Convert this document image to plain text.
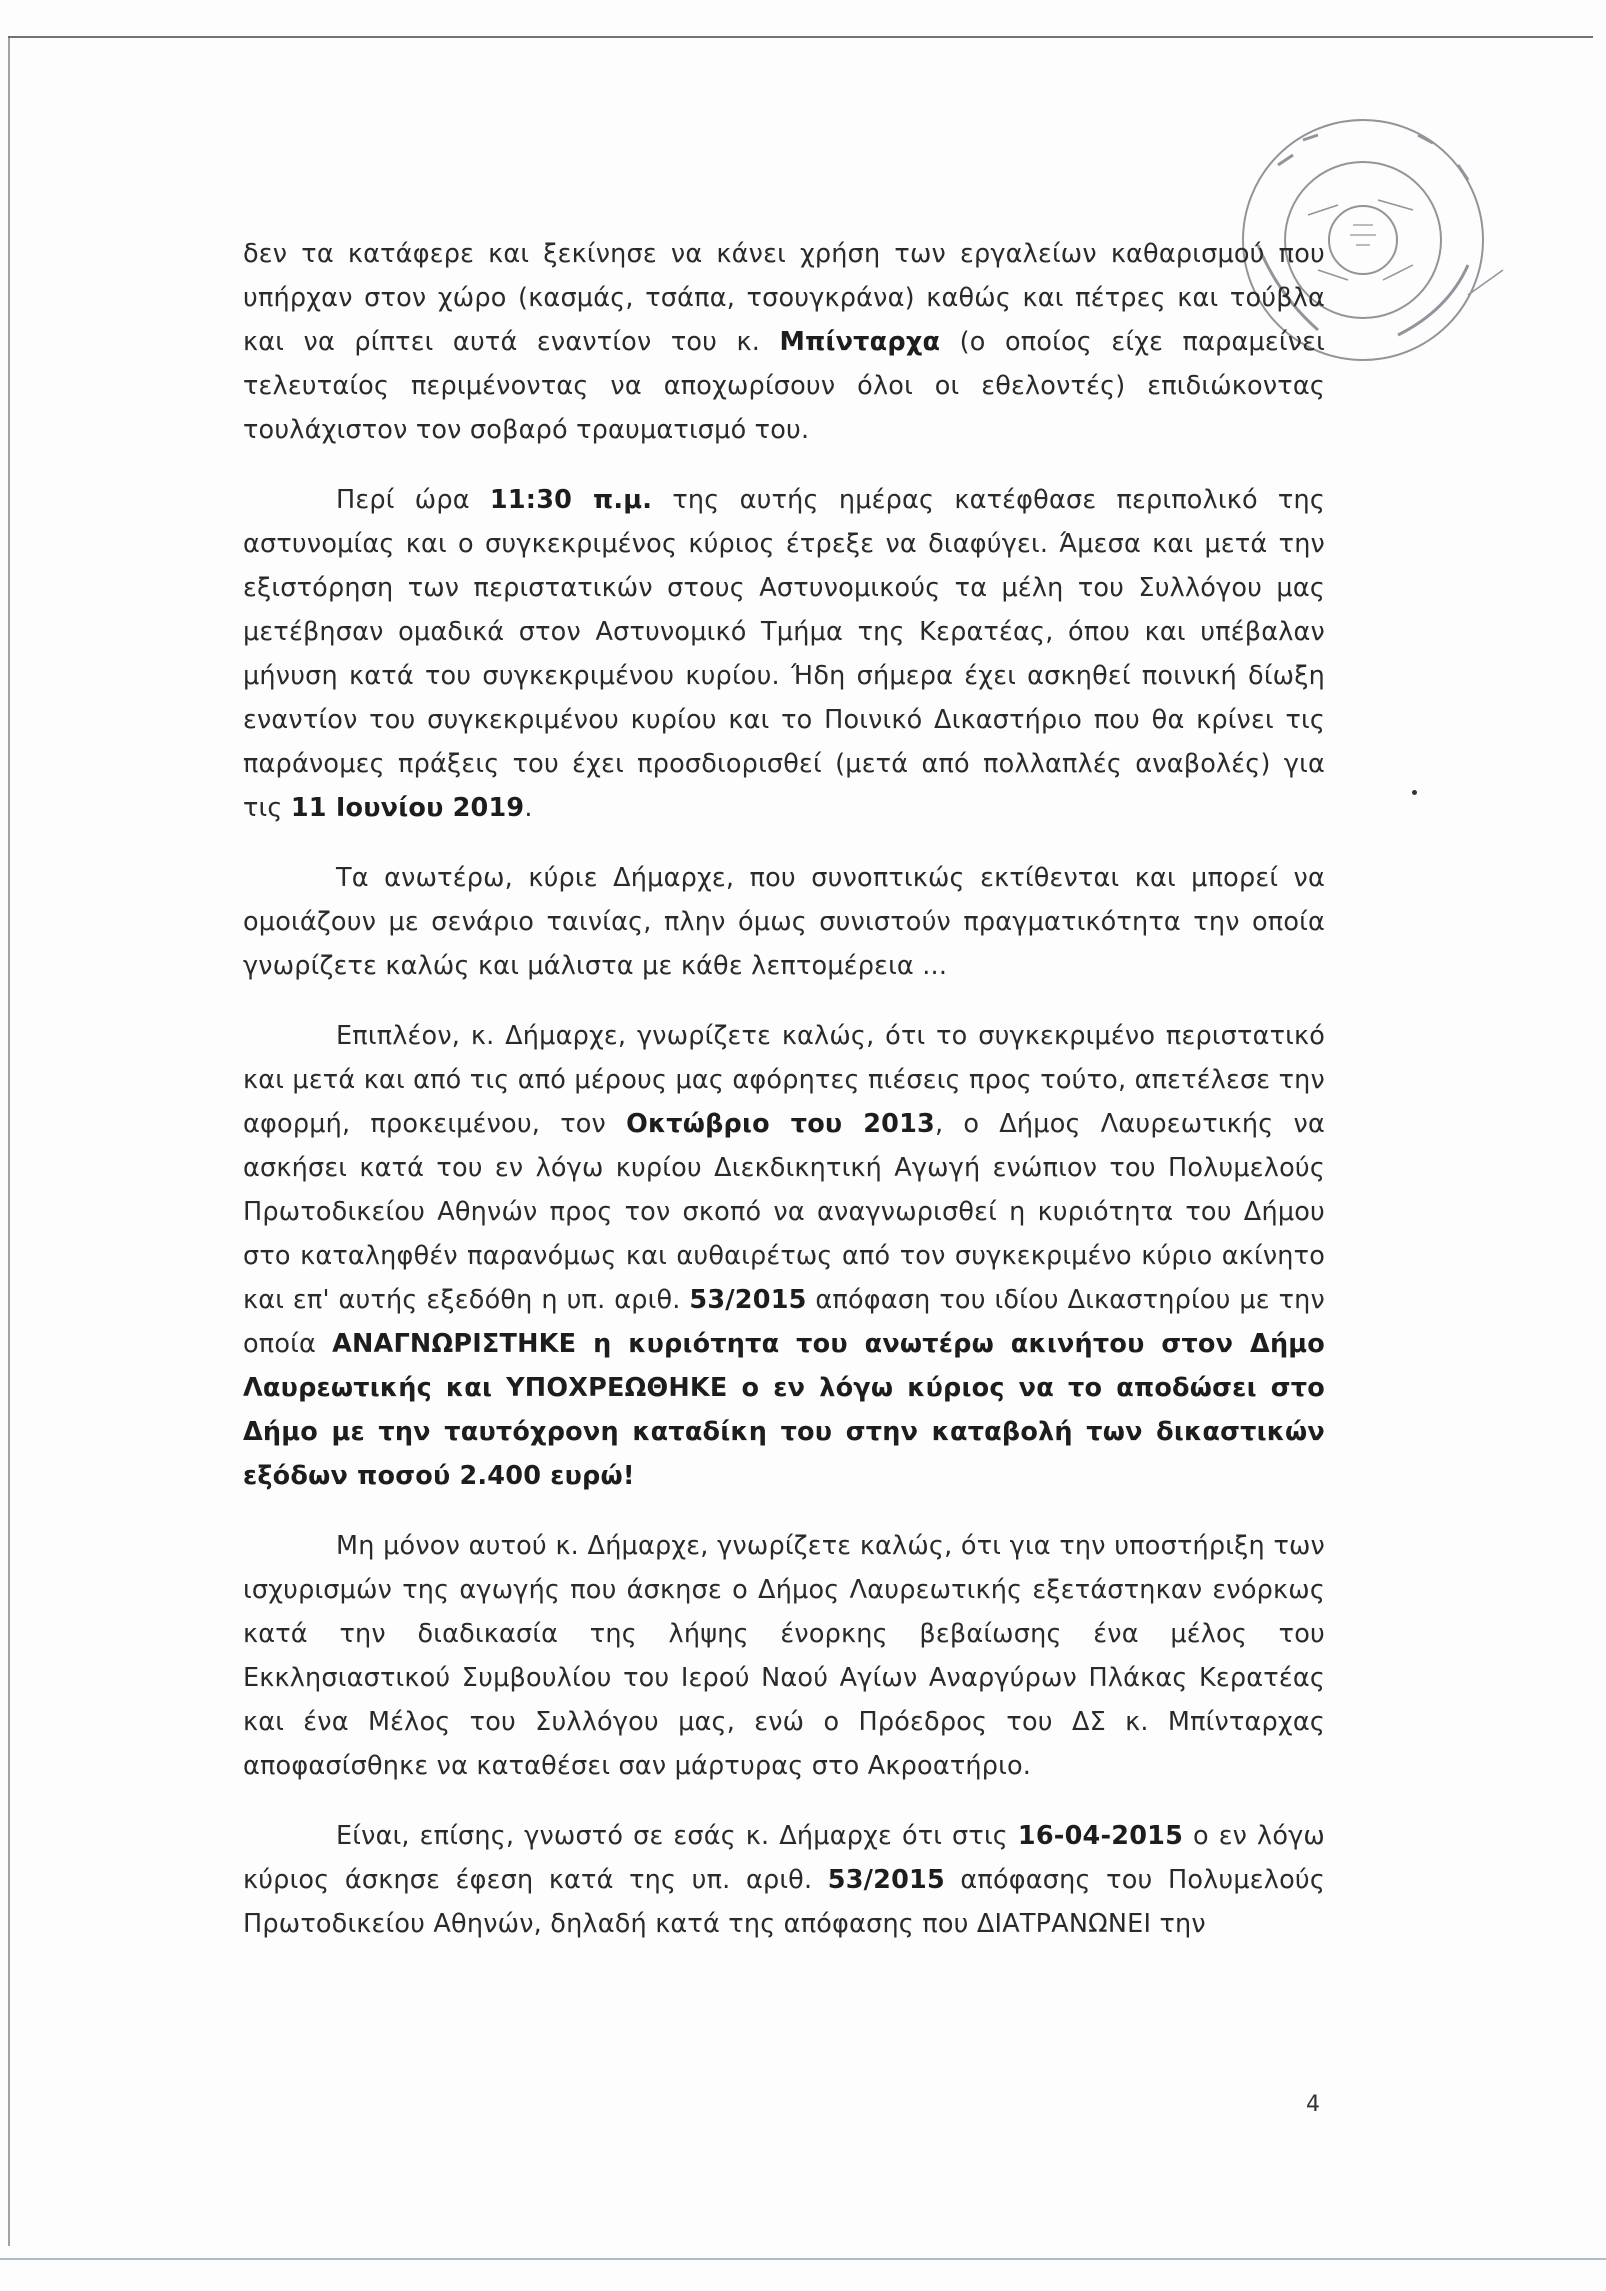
δεν τα κατάφερε και ξεκίνησε να κάνει χρήση των εργαλείων καθαρισμού που υπήρχαν στον χώρο (κασμάς, τσάπα, τσουγκράνα) καθώς και πέτρες και τούβλα και να ρίπτει αυτά εναντίον του κ. Μπίνταρχα (ο οποίος είχε παραμείνει τελευταίος περιμένοντας να αποχωρίσουν όλοι οι εθελοντές) επιδιώκοντας τουλάχιστον τον σοβαρό τραυματισμό του.

Περί ώρα 11:30 π.μ. της αυτής ημέρας κατέφθασε περιπολικό της αστυνομίας και ο συγκεκριμένος κύριος έτρεξε να διαφύγει. Άμεσα και μετά την εξιστόρηση των περιστατικών στους Αστυνομικούς τα μέλη του Συλλόγου μας μετέβησαν ομαδικά στον Αστυνομικό Τμήμα της Κερατέας, όπου και υπέβαλαν μήνυση κατά του συγκεκριμένου κυρίου. Ήδη σήμερα έχει ασκηθεί ποινική δίωξη εναντίον του συγκεκριμένου κυρίου και το Ποινικό Δικαστήριο που θα κρίνει τις παράνομες πράξεις του έχει προσδιορισθεί (μετά από πολλαπλές αναβολές) για τις 11 Ιουνίου 2019.

Τα ανωτέρω, κύριε Δήμαρχε, που συνοπτικώς εκτίθενται και μπορεί να ομοιάζουν με σενάριο ταινίας, πλην όμως συνιστούν πραγματικότητα την οποία γνωρίζετε καλώς και μάλιστα με κάθε λεπτομέρεια ...

Επιπλέον, κ. Δήμαρχε, γνωρίζετε καλώς, ότι το συγκεκριμένο περιστατικό και μετά και από τις από μέρους μας αφόρητες πιέσεις προς τούτο, απετέλεσε την αφορμή, προκειμένου, τον Οκτώβριο του 2013, ο Δήμος Λαυρεωτικής να ασκήσει κατά του εν λόγω κυρίου Διεκδικητική Αγωγή ενώπιον του Πολυμελούς Πρωτοδικείου Αθηνών προς τον σκοπό να αναγνωρισθεί η κυριότητα του Δήμου στο καταληφθέν παρανόμως και αυθαιρέτως από τον συγκεκριμένο κύριο ακίνητο και επ' αυτής εξεδόθη η υπ. αριθ. 53/2015 απόφαση του ιδίου Δικαστηρίου με την οποία ΑΝΑΓΝΩΡΙΣΤΗΚΕ η κυριότητα του ανωτέρω ακινήτου στον Δήμο Λαυρεωτικής και ΥΠΟΧΡΕΩΘΗΚΕ ο εν λόγω κύριος να το αποδώσει στο Δήμο με την ταυτόχρονη καταδίκη του στην καταβολή των δικαστικών εξόδων ποσού 2.400 ευρώ!

Μη μόνον αυτού κ. Δήμαρχε, γνωρίζετε καλώς, ότι για την υποστήριξη των ισχυρισμών της αγωγής που άσκησε ο Δήμος Λαυρεωτικής εξετάστηκαν ενόρκως κατά την διαδικασία της λήψης ένορκης βεβαίωσης ένα μέλος του Εκκλησιαστικού Συμβουλίου του Ιερού Ναού Αγίων Αναργύρων Πλάκας Κερατέας και ένα Μέλος του Συλλόγου μας, ενώ ο Πρόεδρος του ΔΣ κ. Μπίνταρχας αποφασίσθηκε να καταθέσει σαν μάρτυρας στο Ακροατήριο.

Είναι, επίσης, γνωστό σε εσάς κ. Δήμαρχε ότι στις 16-04-2015 ο εν λόγω κύριος άσκησε έφεση κατά της υπ. αριθ. 53/2015 απόφασης του Πολυμελούς Πρωτοδικείου Αθηνών, δηλαδή κατά της απόφασης που ΔΙΑΤΡΑΝΩΝΕΙ την

4
